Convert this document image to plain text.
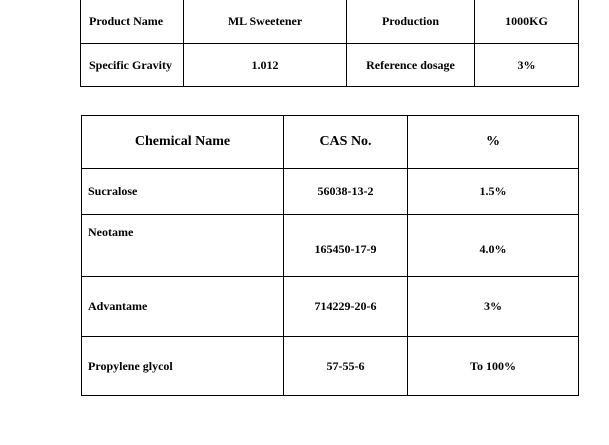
Product Name	ML Sweetener	Production	1000KG
Specific Gravity	1.012	Reference dosage	3%
Chemical Name	CAS No.	%
Sucralose	56038-13-2	1.5%
Neotame	165450-17-9	4.0%
Advantame	714229-20-6	3%
Propylene glycol	57-55-6	To 100%
